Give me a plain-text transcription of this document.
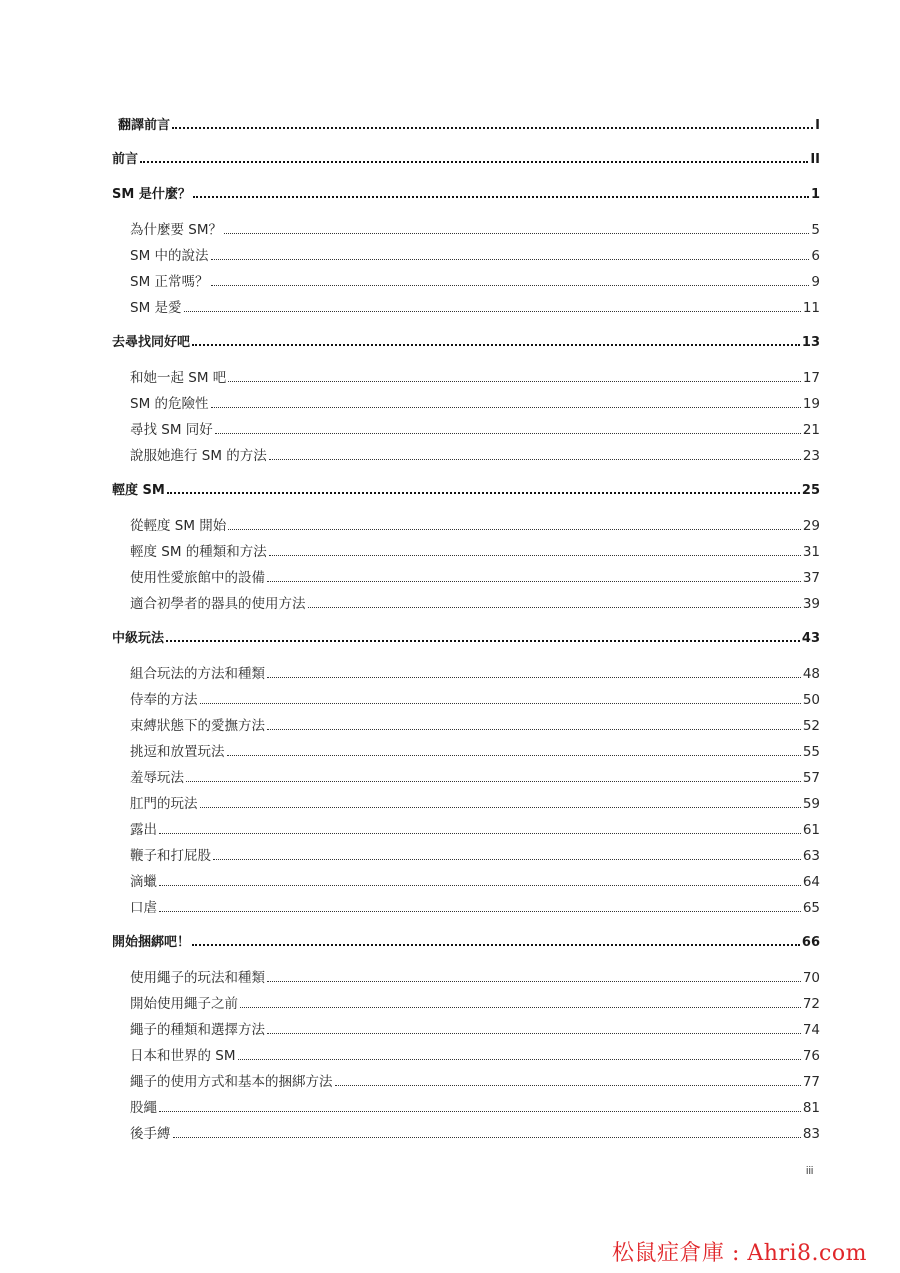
翻譯前言	I
前言	II
SM 是什麼？	1
為什麼要 SM？	5
SM 中的說法	6
SM 正常嗎？	9
SM 是愛	11
去尋找同好吧	13
和她一起 SM 吧	17
SM 的危險性	19
尋找 SM 同好	21
說服她進行 SM 的方法	23
輕度 SM	25
從輕度 SM 開始	29
輕度 SM 的種類和方法	31
使用性愛旅館中的設備	37
適合初學者的器具的使用方法	39
中級玩法	43
組合玩法的方法和種類	48
侍奉的方法	50
束縛狀態下的愛撫方法	52
挑逗和放置玩法	55
羞辱玩法	57
肛門的玩法	59
露出	61
鞭子和打屁股	63
滴蠟	64
口虐	65
開始捆綁吧！	66
使用繩子的玩法和種類	70
開始使用繩子之前	72
繩子的種類和選擇方法	74
日本和世界的 SM	76
繩子的使用方式和基本的捆綁方法	77
股繩	81
後手縛	83
iii
松鼠症倉庫 : Ahri8.com
